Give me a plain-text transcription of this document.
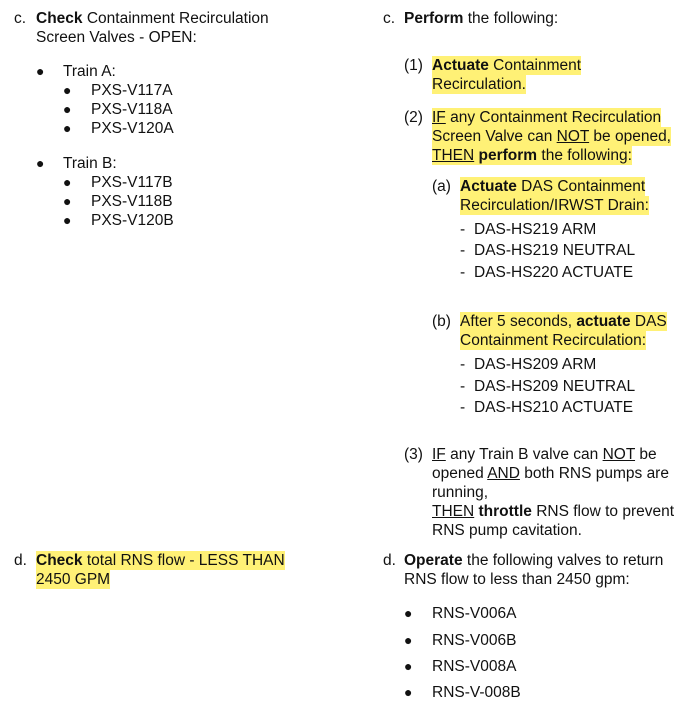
c. Check Containment Recirculation
Screen Valves - OPEN:
● Train A:
● PXS-V117A
● PXS-V118A
● PXS-V120A
● Train B:
● PXS-V117B
● PXS-V118B
● PXS-V120B
d. Check total RNS flow - LESS THAN
2450 GPM
c. Perform the following:
(1) Actuate Containment
Recirculation.
(2) IF any Containment Recirculation
Screen Valve can NOT be opened,
THEN perform the following:
(a) Actuate DAS Containment
Recirculation/IRWST Drain:
- DAS-HS219 ARM
- DAS-HS219 NEUTRAL
- DAS-HS220 ACTUATE
(b) After 5 seconds, actuate DAS
Containment Recirculation:
- DAS-HS209 ARM
- DAS-HS209 NEUTRAL
- DAS-HS210 ACTUATE
(3) IF any Train B valve can NOT be
opened AND both RNS pumps are
running,
THEN throttle RNS flow to prevent
RNS pump cavitation.
d. Operate the following valves to return
RNS flow to less than 2450 gpm:
● RNS-V006A
● RNS-V006B
● RNS-V008A
● RNS-V-008B
